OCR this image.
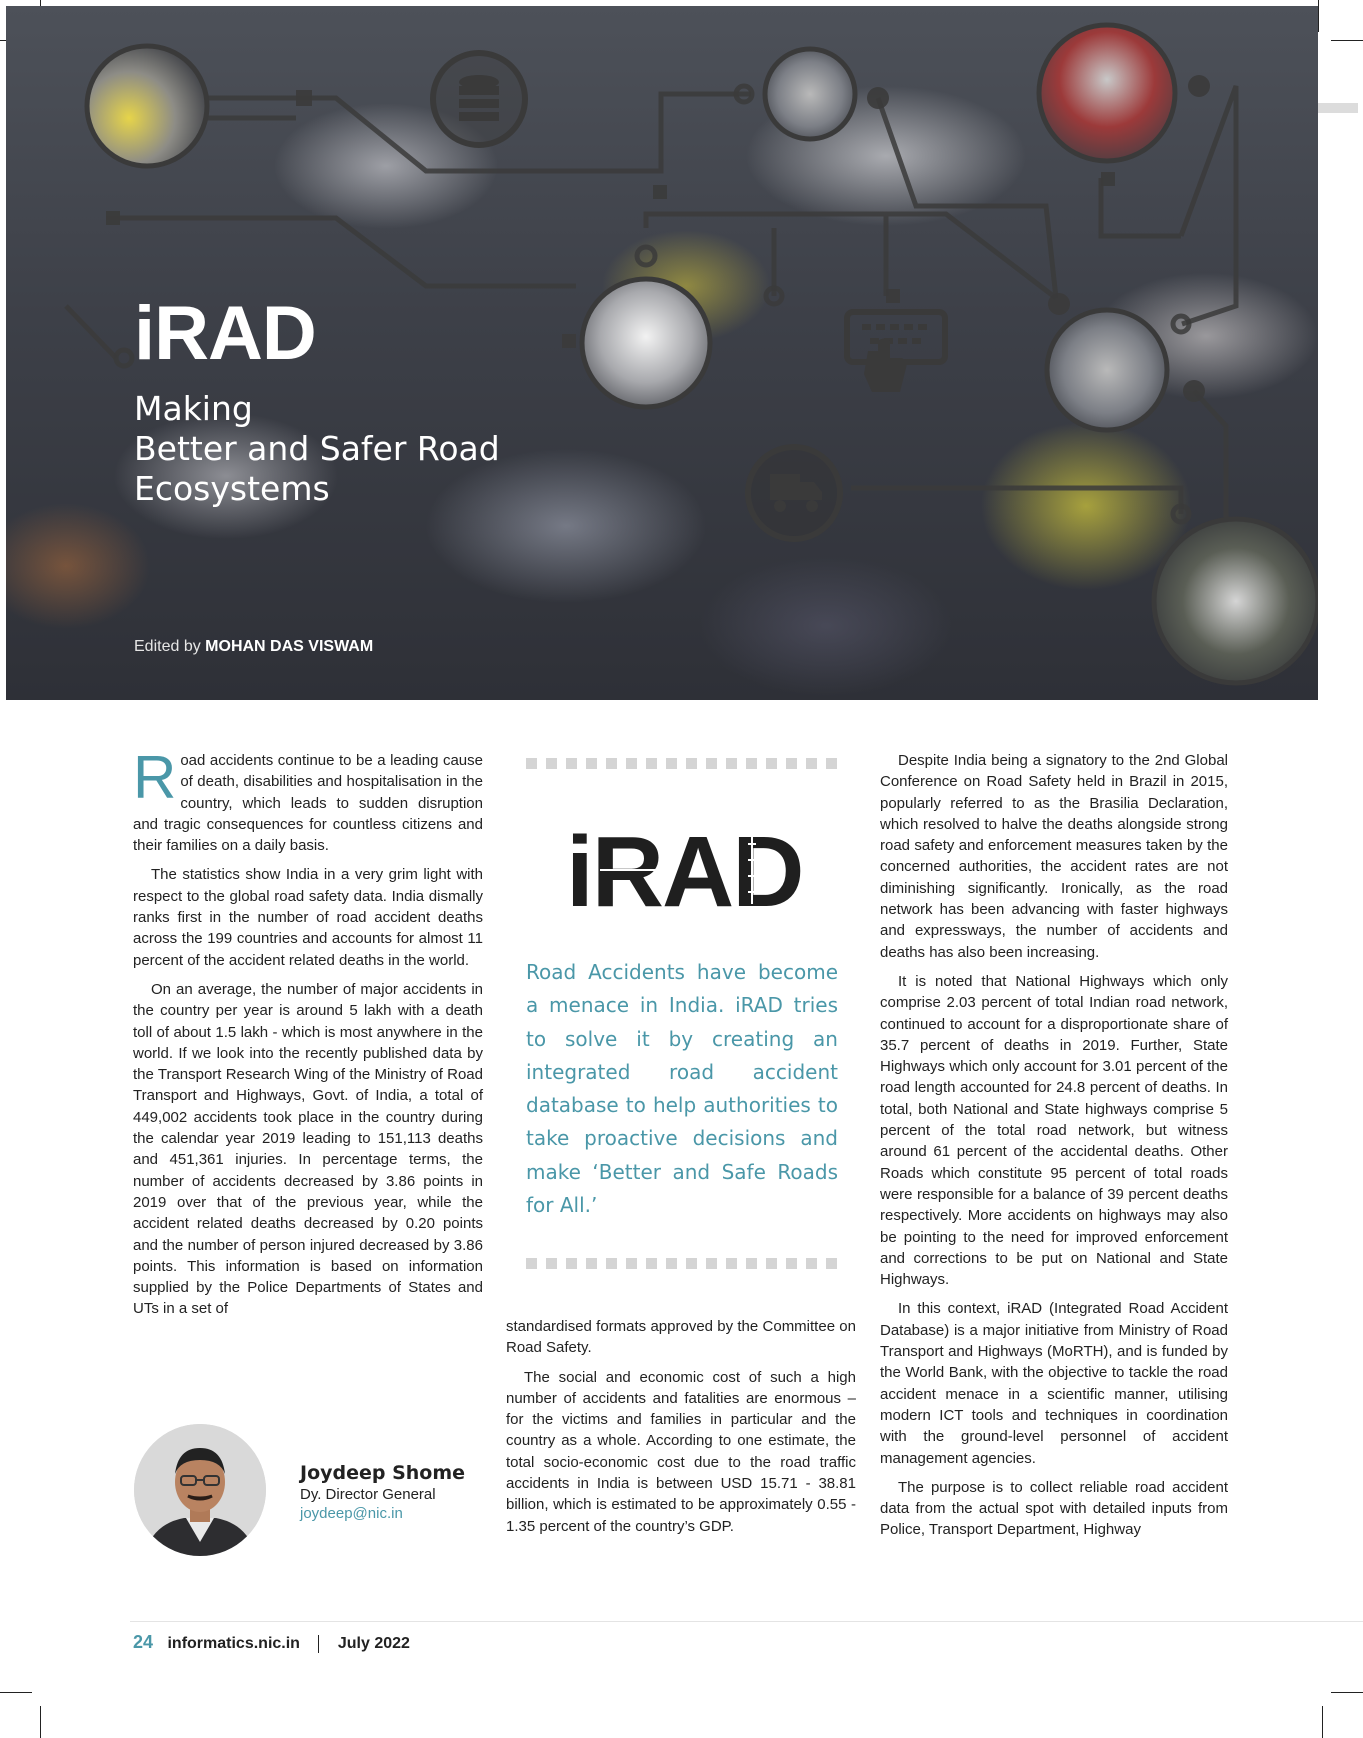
iRAD
Making
Better and Safer Road
Ecosystems
Edited by MOHAN DAS VISWAM

R oad accidents continue to be a leading cause of death, disabilities and hospitalisation in the country, which leads to sudden disruption and tragic consequences for countless citizens and their families on a daily basis.

The statistics show India in a very grim light with respect to the global road safety data. India dismally ranks first in the number of road accident deaths across the 199 countries and accounts for almost 11 percent of the accident related deaths in the world.

On an average, the number of major accidents in the country per year is around 5 lakh with a death toll of about 1.5 lakh - which is most anywhere in the world. If we look into the recently published data by the Transport Research Wing of the Ministry of Road Transport and Highways, Govt. of India, a total of 449,002 accidents took place in the country during the calendar year 2019 leading to 151,113 deaths and 451,361 injuries. In percentage terms, the number of accidents decreased by 3.86 points in 2019 over that of the previous year, while the accident related deaths decreased by 0.20 points and the number of person injured decreased by 3.86 points. This information is based on information supplied by the Police Departments of States and UTs in a set of

iRAD
Road Accidents have become a menace in India. iRAD tries to solve it by creating an integrated road accident database to help authorities to take proactive decisions and make ‘Better and Safe Roads for All.’

standardised formats approved by the Committee on Road Safety.

The social and economic cost of such a high number of accidents and fatalities are enormous – for the victims and families in particular and the country as a whole. According to one estimate, the total socio-economic cost due to the road traffic accidents in India is between USD 15.71 - 38.81 billion, which is estimated to be approximately 0.55 - 1.35 percent of the country’s GDP.

Despite India being a signatory to the 2nd Global Conference on Road Safety held in Brazil in 2015, popularly referred to as the Brasilia Declaration, which resolved to halve the deaths alongside strong road safety and enforcement measures taken by the concerned authorities, the accident rates are not diminishing significantly. Ironically, as the road network has been advancing with faster highways and expressways, the number of accidents and deaths has also been increasing.

It is noted that National Highways which only comprise 2.03 percent of total Indian road network, continued to account for a disproportionate share of 35.7 percent of deaths in 2019. Further, State Highways which only account for 3.01 percent of the road length accounted for 24.8 percent of deaths. In total, both National and State highways comprise 5 percent of the total road network, but witness around 61 percent of the accidental deaths. Other Roads which constitute 95 percent of total roads were responsible for a balance of 39 percent deaths respectively. More accidents on highways may also be pointing to the need for improved enforcement and corrections to be put on National and State Highways.

In this context, iRAD (Integrated Road Accident Database) is a major initiative from Ministry of Road Transport and Highways (MoRTH), and is funded by the World Bank, with the objective to tackle the road accident menace in a scientific manner, utilising modern ICT tools and techniques in coordination with the ground-level personnel of accident management agencies.

The purpose is to collect reliable road accident data from the actual spot with detailed inputs from Police, Transport Department, Highway

Joydeep Shome
Dy. Director General
joydeep@nic.in
24 informatics.nic.in July 2022
